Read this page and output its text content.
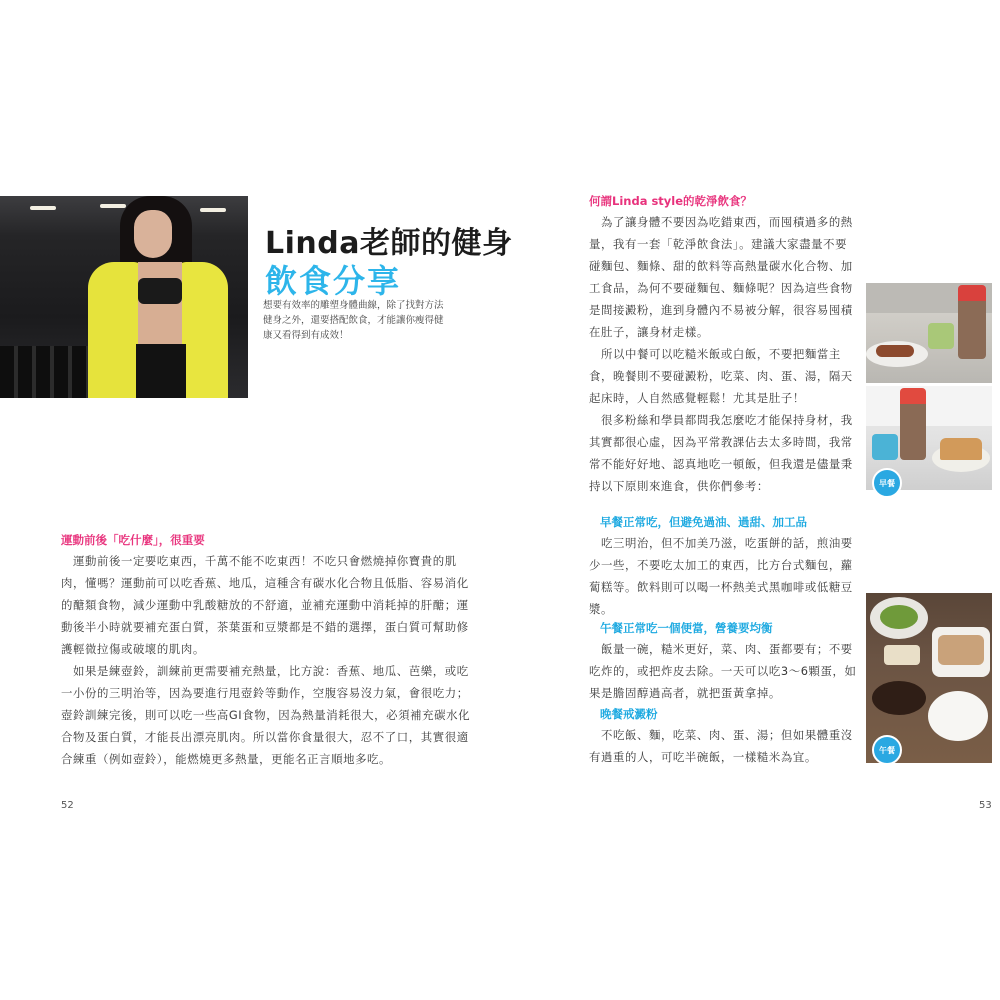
Linda老師的健身
飲食分享
想要有效率的雕塑身體曲線，除了找對方法
健身之外，還要搭配飲食，才能讓你瘦得健
康又看得到有成效！
運動前後「吃什麼」，很重要
　運動前後一定要吃東西，千萬不能不吃東西！不吃只會燃燒掉你寶貴的肌
肉，懂嗎？運動前可以吃香蕉、地瓜，這種含有碳水化合物且低脂、容易消化
的醣類食物，減少運動中乳酸糖放的不舒適，並補充運動中消耗掉的肝醣；運
動後半小時就要補充蛋白質，茶葉蛋和豆漿都是不錯的選擇，蛋白質可幫助修
護輕微拉傷或破壞的肌肉。
　如果是練壺鈴，訓練前更需要補充熱量，比方說：香蕉、地瓜、芭樂，或吃
一小份的三明治等，因為要進行甩壺鈴等動作，空腹容易沒力氣，會很吃力；
壺鈴訓練完後，則可以吃一些高GI食物，因為熱量消耗很大，必須補充碳水化
合物及蛋白質，才能長出漂亮肌肉。所以當你食量很大，忍不了口，其實很適
合練重（例如壺鈴），能燃燒更多熱量，更能名正言順地多吃。
52
何謂Linda style的乾淨飲食？
　為了讓身體不要因為吃錯東西，而囤積過多的熱
量，我有一套「乾淨飲食法」。建議大家盡量不要
碰麵包、麵條、甜的飲料等高熱量碳水化合物、加
工食品，為何不要碰麵包、麵條呢？因為這些食物
是間接澱粉，進到身體內不易被分解，很容易囤積
在肚子，讓身材走樣。
　所以中餐可以吃糙米飯或白飯，不要把麵當主
食，晚餐則不要碰澱粉，吃菜、肉、蛋、湯，隔天
起床時，人自然感覺輕鬆！尤其是肚子！
　很多粉絲和學員都問我怎麼吃才能保持身材，我
其實都很心虛，因為平常教課佔去太多時間，我常
常不能好好地、認真地吃一頓飯，但我還是儘量秉
持以下原則來進食，供你們參考：
早餐正常吃，但避免過油、過甜、加工品
　吃三明治，但不加美乃滋，吃蛋餅的話，煎油要
少一些，不要吃太加工的東西，比方台式麵包，蘿
蔔糕等。飲料則可以喝一杯熱美式黑咖啡或低糖豆
漿。
午餐正常吃一個便當，營養要均衡
　飯量一碗，糙米更好，菜、肉、蛋都要有；不要
吃炸的，或把炸皮去除。一天可以吃3～6顆蛋，如
果是膽固醇過高者，就把蛋黃拿掉。
晚餐戒澱粉
　不吃飯、麵，吃菜、肉、蛋、湯；但如果體重沒
有過重的人，可吃半碗飯，一樣糙米為宜。
53
早餐
午餐
